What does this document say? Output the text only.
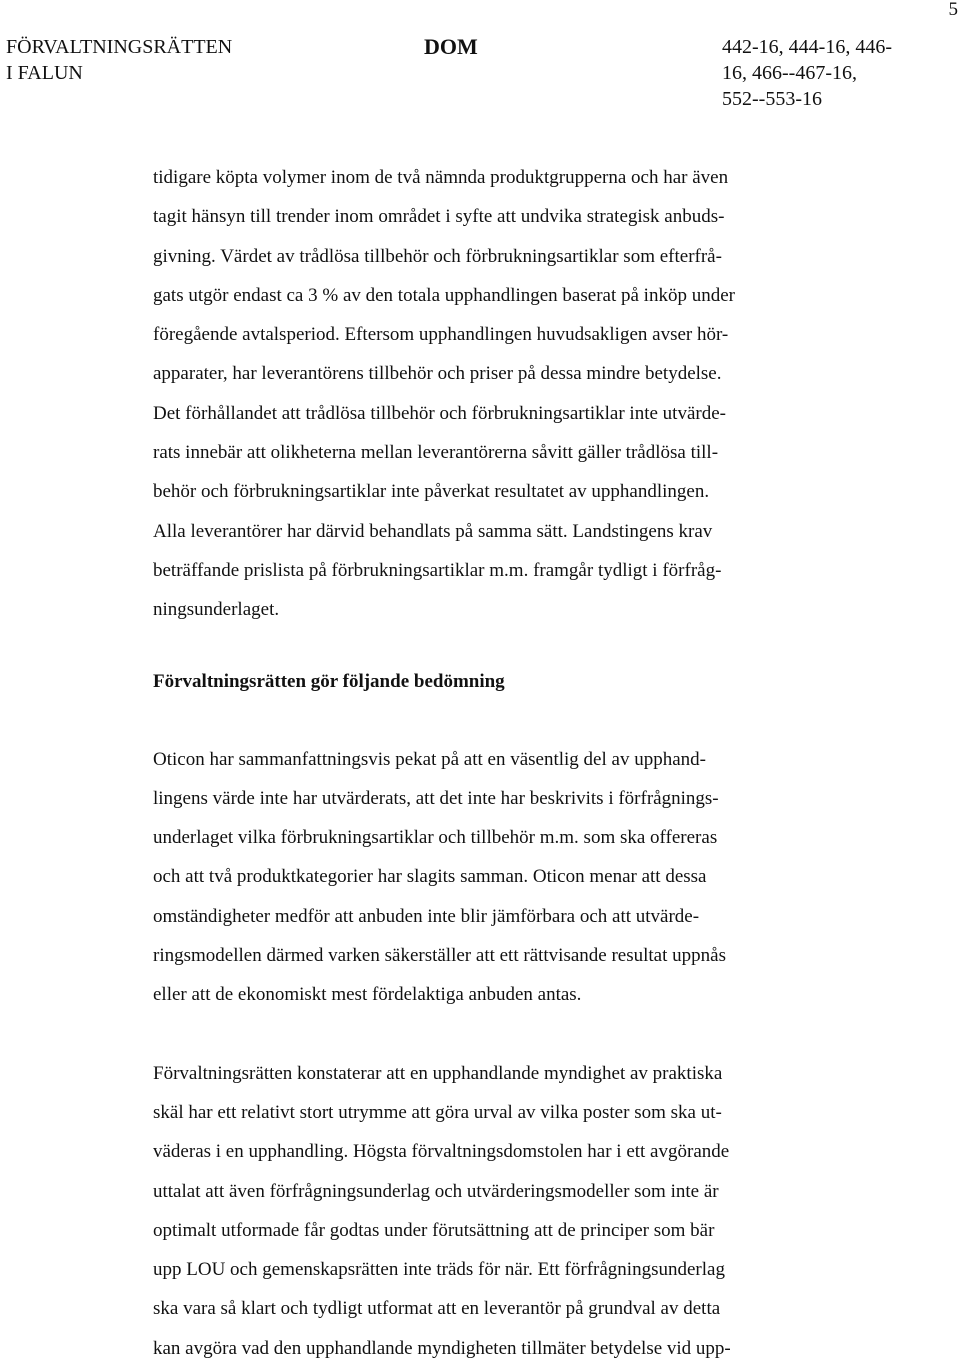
5
FÖRVALTNINGSRÄTTEN
I FALUN
DOM	442-16, 444-16, 446-
16, 466--467-16,
552--553-16
tidigare köpta volymer inom de två nämnda produktgrupperna och har även
tagit hänsyn till trender inom området i syfte att undvika strategisk anbuds-
givning. Värdet av trådlösa tillbehör och förbrukningsartiklar som efterfrå-
gats utgör endast ca 3 % av den totala upphandlingen baserat på inköp under
föregående avtalsperiod. Eftersom upphandlingen huvudsakligen avser hör-
apparater, har leverantörens tillbehör och priser på dessa mindre betydelse.
Det förhållandet att trådlösa tillbehör och förbrukningsartiklar inte utvärde-
rats innebär att olikheterna mellan leverantörerna såvitt gäller trådlösa till-
behör och förbrukningsartiklar inte påverkat resultatet av upphandlingen.
Alla leverantörer har därvid behandlats på samma sätt. Landstingens krav
beträffande prislista på förbrukningsartiklar m.m. framgår tydligt i förfråg-
ningsunderlaget.
Förvaltningsrätten gör följande bedömning
Oticon har sammanfattningsvis pekat på att en väsentlig del av upphand-
lingens värde inte har utvärderats, att det inte har beskrivits i förfrågnings-
underlaget vilka förbrukningsartiklar och tillbehör m.m. som ska offereras
och att två produktkategorier har slagits samman. Oticon menar att dessa
omständigheter medför att anbuden inte blir jämförbara och att utvärde-
ringsmodellen därmed varken säkerställer att ett rättvisande resultat uppnås
eller att de ekonomiskt mest fördelaktiga anbuden antas.
Förvaltningsrätten konstaterar att en upphandlande myndighet av praktiska
skäl har ett relativt stort utrymme att göra urval av vilka poster som ska ut-
väderas i en upphandling. Högsta förvaltningsdomstolen har i ett avgörande
uttalat att även förfrågningsunderlag och utvärderingsmodeller som inte är
optimalt utformade får godtas under förutsättning att de principer som bär
upp LOU och gemenskapsrätten inte träds för när. Ett förfrågningsunderlag
ska vara så klart och tydligt utformat att en leverantör på grundval av detta
kan avgöra vad den upphandlande myndigheten tillmäter betydelse vid upp-
